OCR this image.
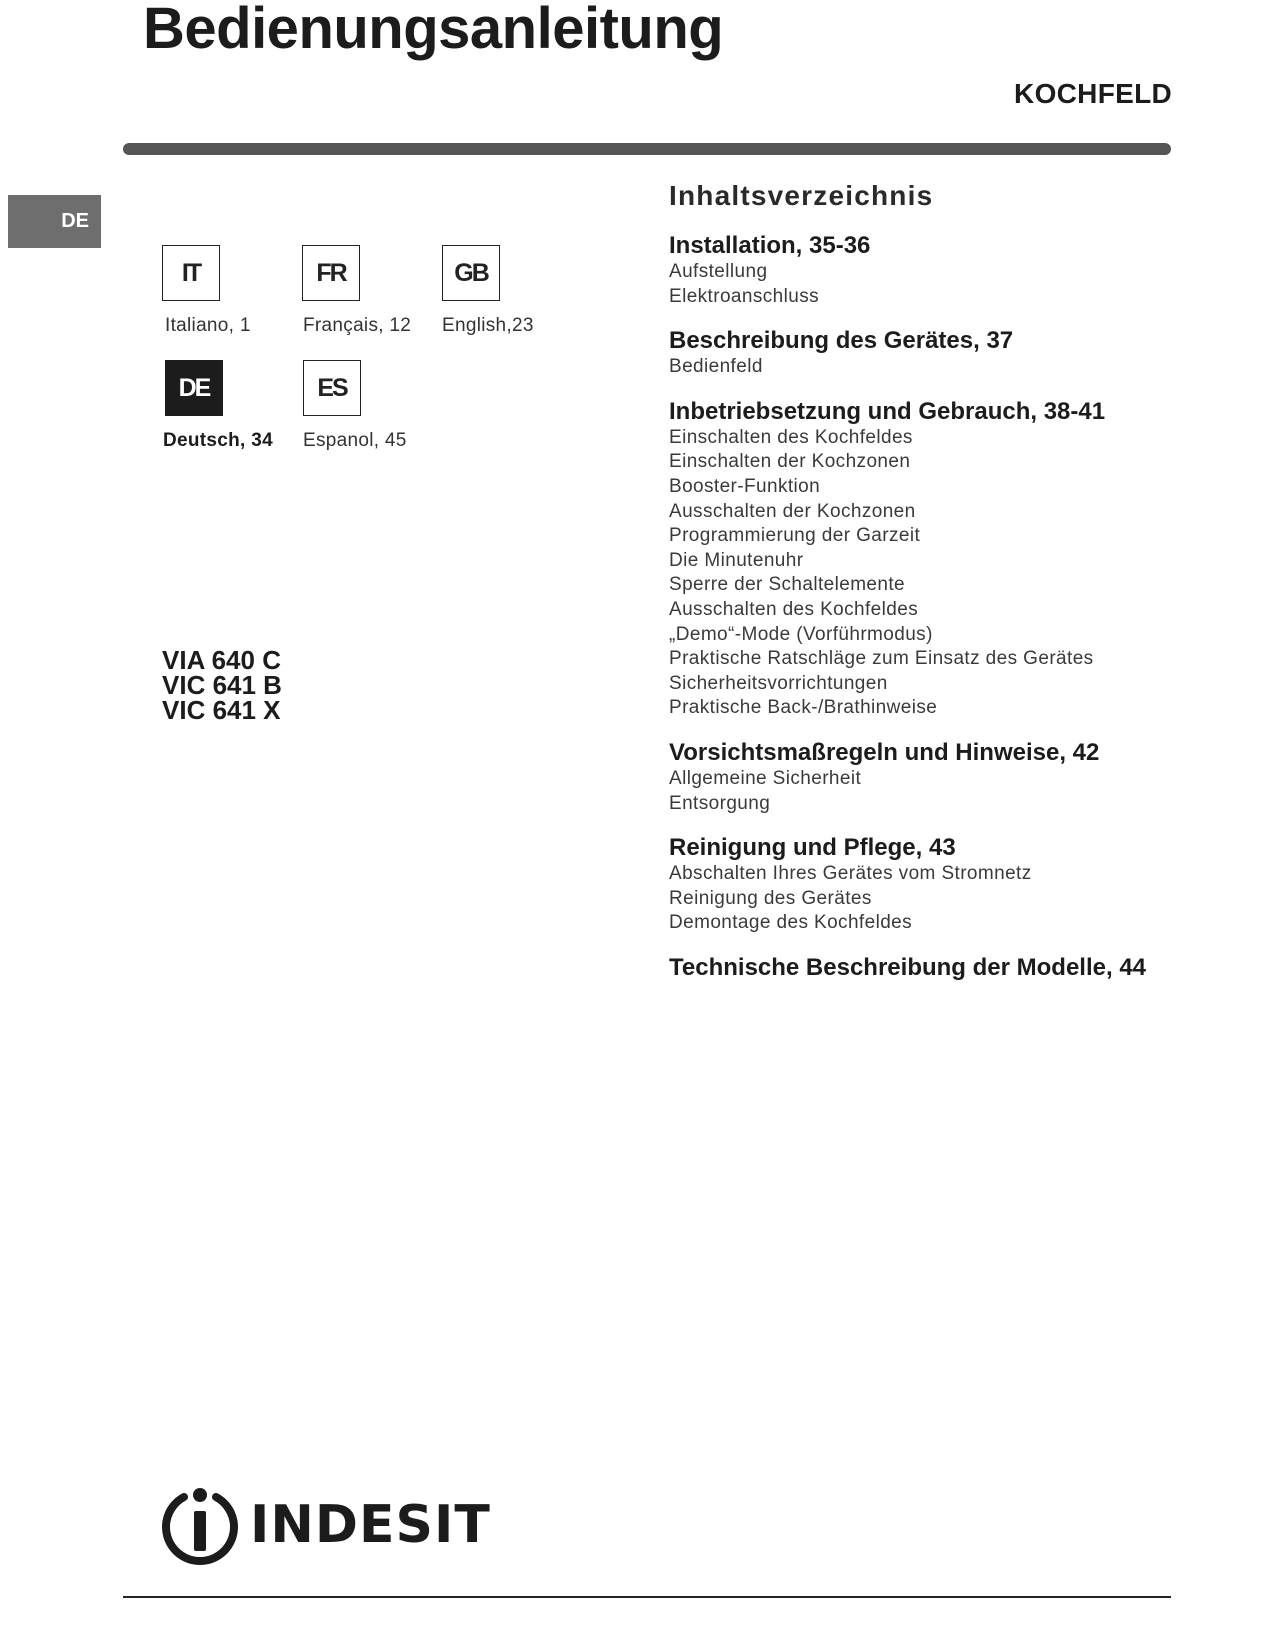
Bedienungsanleitung
KOCHFELD
DE
IT
Italiano, 1
FR
Français, 12
GB
English,23
DE
Deutsch, 34
ES
Espanol, 45
VIA 640 C
VIC 641 B
VIC 641 X
Inhaltsverzeichnis
Installation, 35-36
Aufstellung
Elektroanschluss
Beschreibung des Gerätes, 37
Bedienfeld
Inbetriebsetzung und Gebrauch, 38-41
Einschalten des Kochfeldes
Einschalten der Kochzonen
Booster-Funktion
Ausschalten der Kochzonen
Programmierung der Garzeit
Die Minutenuhr
Sperre der Schaltelemente
Ausschalten des Kochfeldes
„Demo“-Mode (Vorführmodus)
Praktische Ratschläge zum Einsatz des Gerätes
Sicherheitsvorrichtungen
Praktische Back-/Brathinweise
Vorsichtsmaßregeln und Hinweise, 42
Allgemeine Sicherheit
Entsorgung
Reinigung und Pflege, 43
Abschalten Ihres Gerätes vom Stromnetz
Reinigung des Gerätes
Demontage des Kochfeldes
Technische Beschreibung der Modelle, 44
INDESIT
